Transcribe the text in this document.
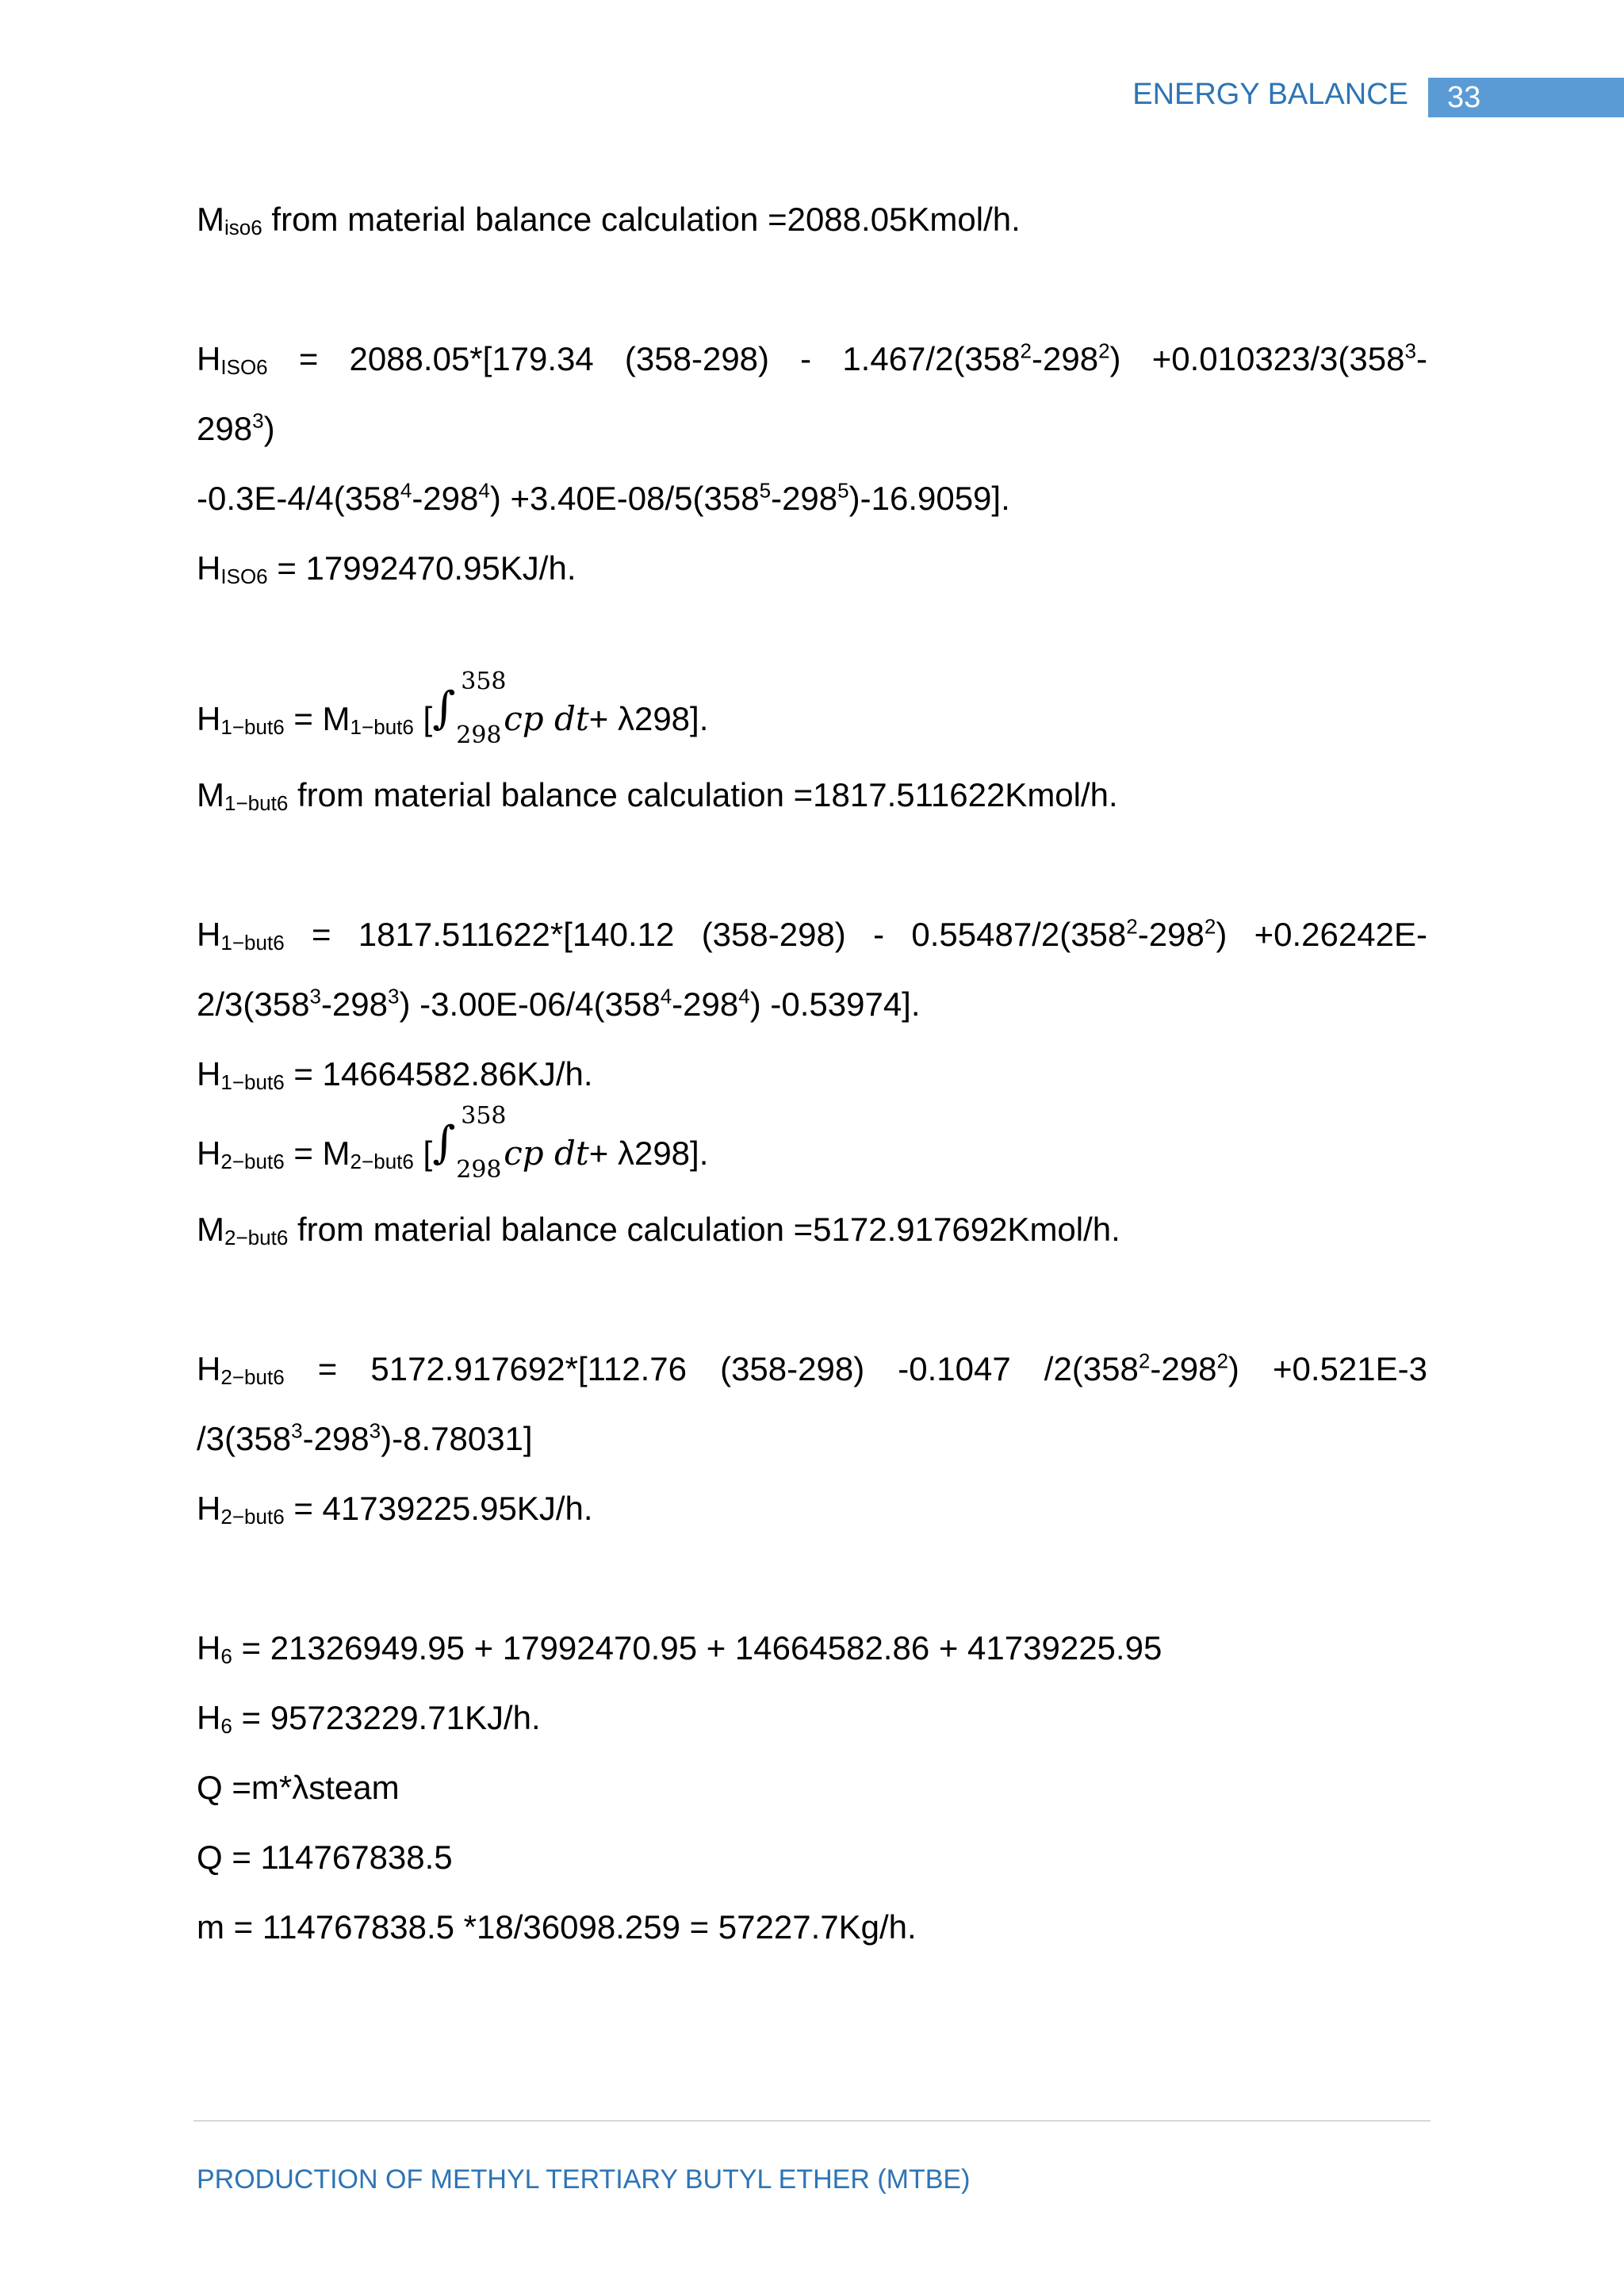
ENERGY BALANCE	33
$M_{iso6}$ from material balance calculation =2088.05Kmol/h.
$H_{ISO6} = 2088.05*[179.34$ $(358-298) - 1.467/2(358^2-298^2) +0.010323/3(358^3-$
$298^3$)
$-0.3E-4/4(358^4-298^4) +3.40E-08/5(358^5-298^5)-16.9059$].
$H_{ISO6} = 17992470.95KJ/h$.
$H_{1-but6} = M_{1-but6}$ [ ∫
358
298 cp dt+ λ298].
$M_{1-but6}$ from material balance calculation =1817.511622Kmol/h.
$H_{1-but6} = 1817.511622*[140.12$ $(358-298) - 0.55487/2(358^2-298^2) +0.26242E-$
$2/3(358^3-298^3)$ $-3.00E-06/4(358^4-298^4)$ -0.53974].
$H_{1-but6} = 14664582.86KJ/h$.
$H_{2-but6} = M_{2-but6}$ [ ∫
358
298 cp dt+ λ298].
$M_{2-but6}$ from material balance calculation =5172.917692Kmol/h.
$H_{2-but6} = 5172.917692*[112.76$ (358-298) -0.1047 $/2(358^2-298^2) +0.521E-3$
$/3(358^3-298^3)-8.78031$]
$H_{2-but6} = 41739225.95KJ/h$.
$H_6 = 21326949.95 + 17992470.95 + 14664582.86 + 41739225.95$
$H_6 = 95723229.71KJ/h$.
Q =m*λsteam
Q = 114767838.5
m = 114767838.5 *18/36098.259 = 57227.7Kg/h.
PRODUCTION OF METHYL TERTIARY BUTYL ETHER (MTBE)
